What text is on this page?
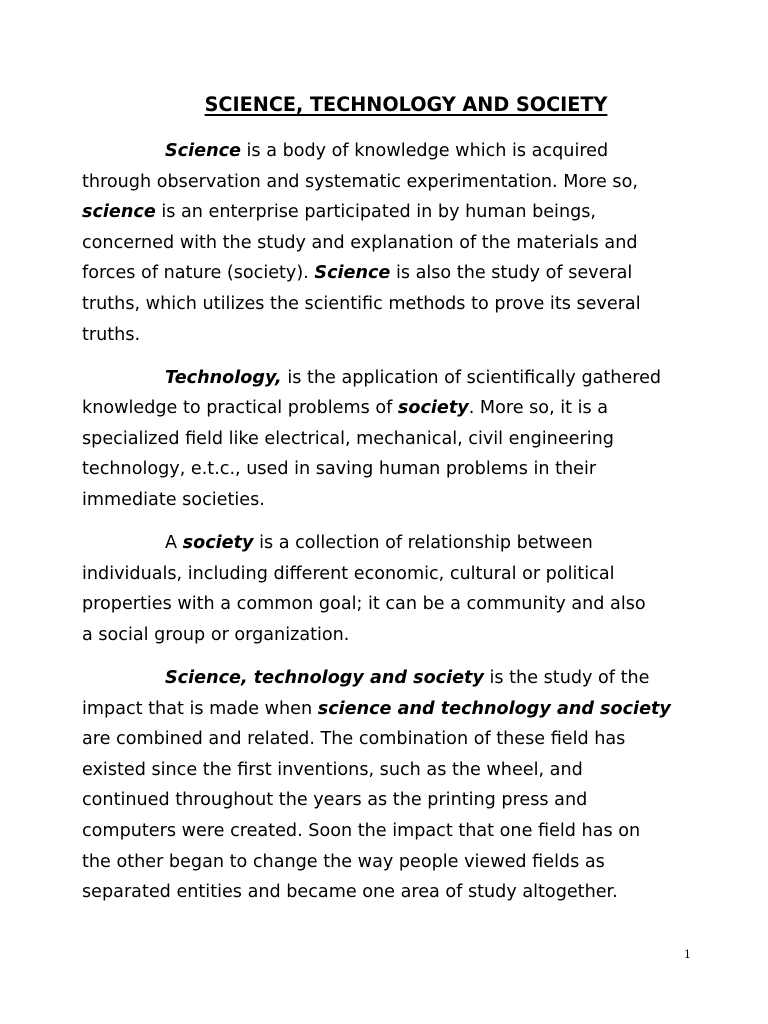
SCIENCE, TECHNOLOGY AND SOCIETY

Science is a body of knowledge which is acquired
through observation and systematic experimentation. More so,
science is an enterprise participated in by human beings,
concerned with the study and explanation of the materials and
forces of nature (society). Science is also the study of several
truths, which utilizes the scientific methods to prove its several
truths.

Technology, is the application of scientifically gathered
knowledge to practical problems of society. More so, it is a
specialized field like electrical, mechanical, civil engineering
technology, e.t.c., used in saving human problems in their
immediate societies.

A society is a collection of relationship between
individuals, including different economic, cultural or political
properties with a common goal; it can be a community and also
a social group or organization.

Science, technology and society is the study of the
impact that is made when science and technology and society
are combined and related. The combination of these field has
existed since the first inventions, such as the wheel, and
continued throughout the years as the printing press and
computers were created. Soon the impact that one field has on
the other began to change the way people viewed fields as
separated entities and became one area of study altogether.

1
